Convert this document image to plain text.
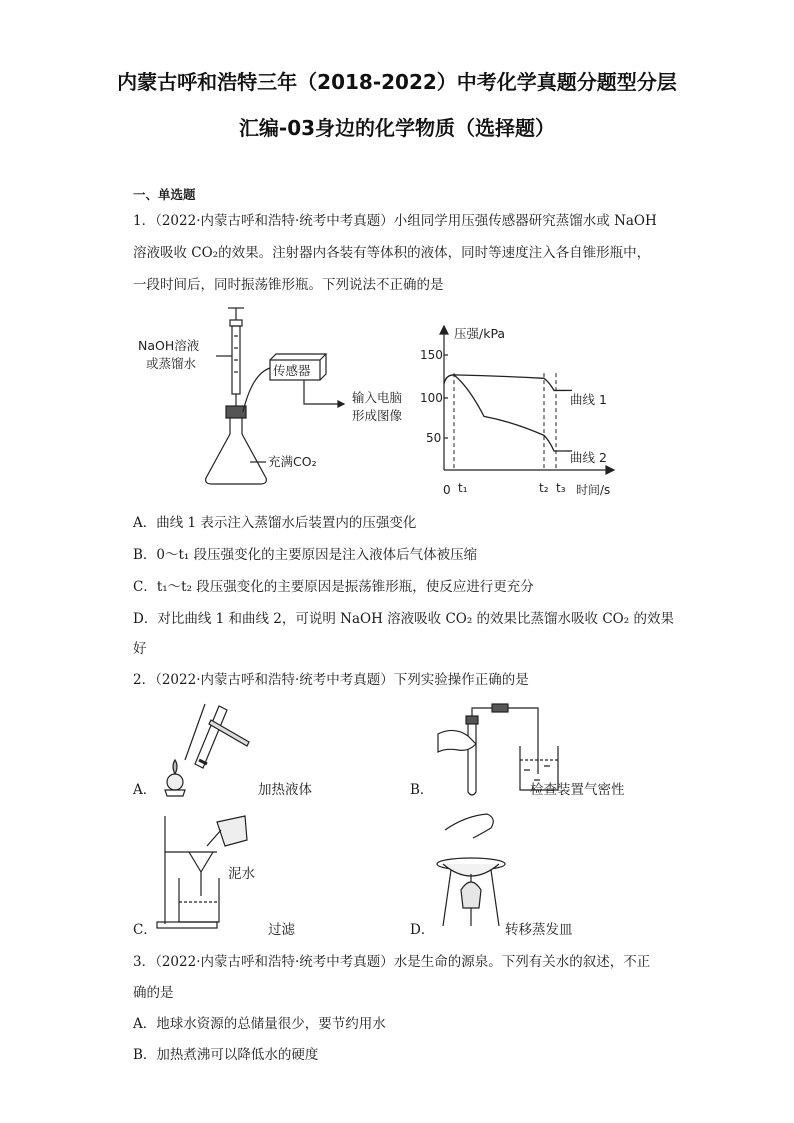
内蒙古呼和浩特三年（2018-2022）中考化学真题分题型分层
汇编-03身边的化学物质（选择题）
一、单选题
1．（2022·内蒙古呼和浩特·统考中考真题）小组同学用压强传感器研究蒸馏水或 NaOH
溶液吸收 CO₂的效果。注射器内各装有等体积的液体，同时等速度注入各自锥形瓶中，
一段时间后，同时振荡锥形瓶。下列说法不正确的是
NaOH溶液
或蒸馏水	传感器
输入电脑
形成图像
充满CO₂
压强/kPa
150
100
50
0 t₁	t₂ t₃ 时间/s
曲线 1
曲线 2
A．曲线 1 表示注入蒸馏水后装置内的压强变化
B．0～t₁ 段压强变化的主要原因是注入液体后气体被压缩
C．t₁～t₂ 段压强变化的主要原因是振荡锥形瓶，使反应进行更充分
D．对比曲线 1 和曲线 2，可说明 NaOH 溶液吸收 CO₂ 的效果比蒸馏水吸收 CO₂ 的效果
好
2．（2022·内蒙古呼和浩特·统考中考真题）下列实验操作正确的是
A．	加热液体	B．	检查装置气密性
泥水
C．	过滤	D．	转移蒸发皿
3．（2022·内蒙古呼和浩特·统考中考真题）水是生命的源泉。下列有关水的叙述，不正
确的是
A．地球水资源的总储量很少，要节约用水
B．加热煮沸可以降低水的硬度
